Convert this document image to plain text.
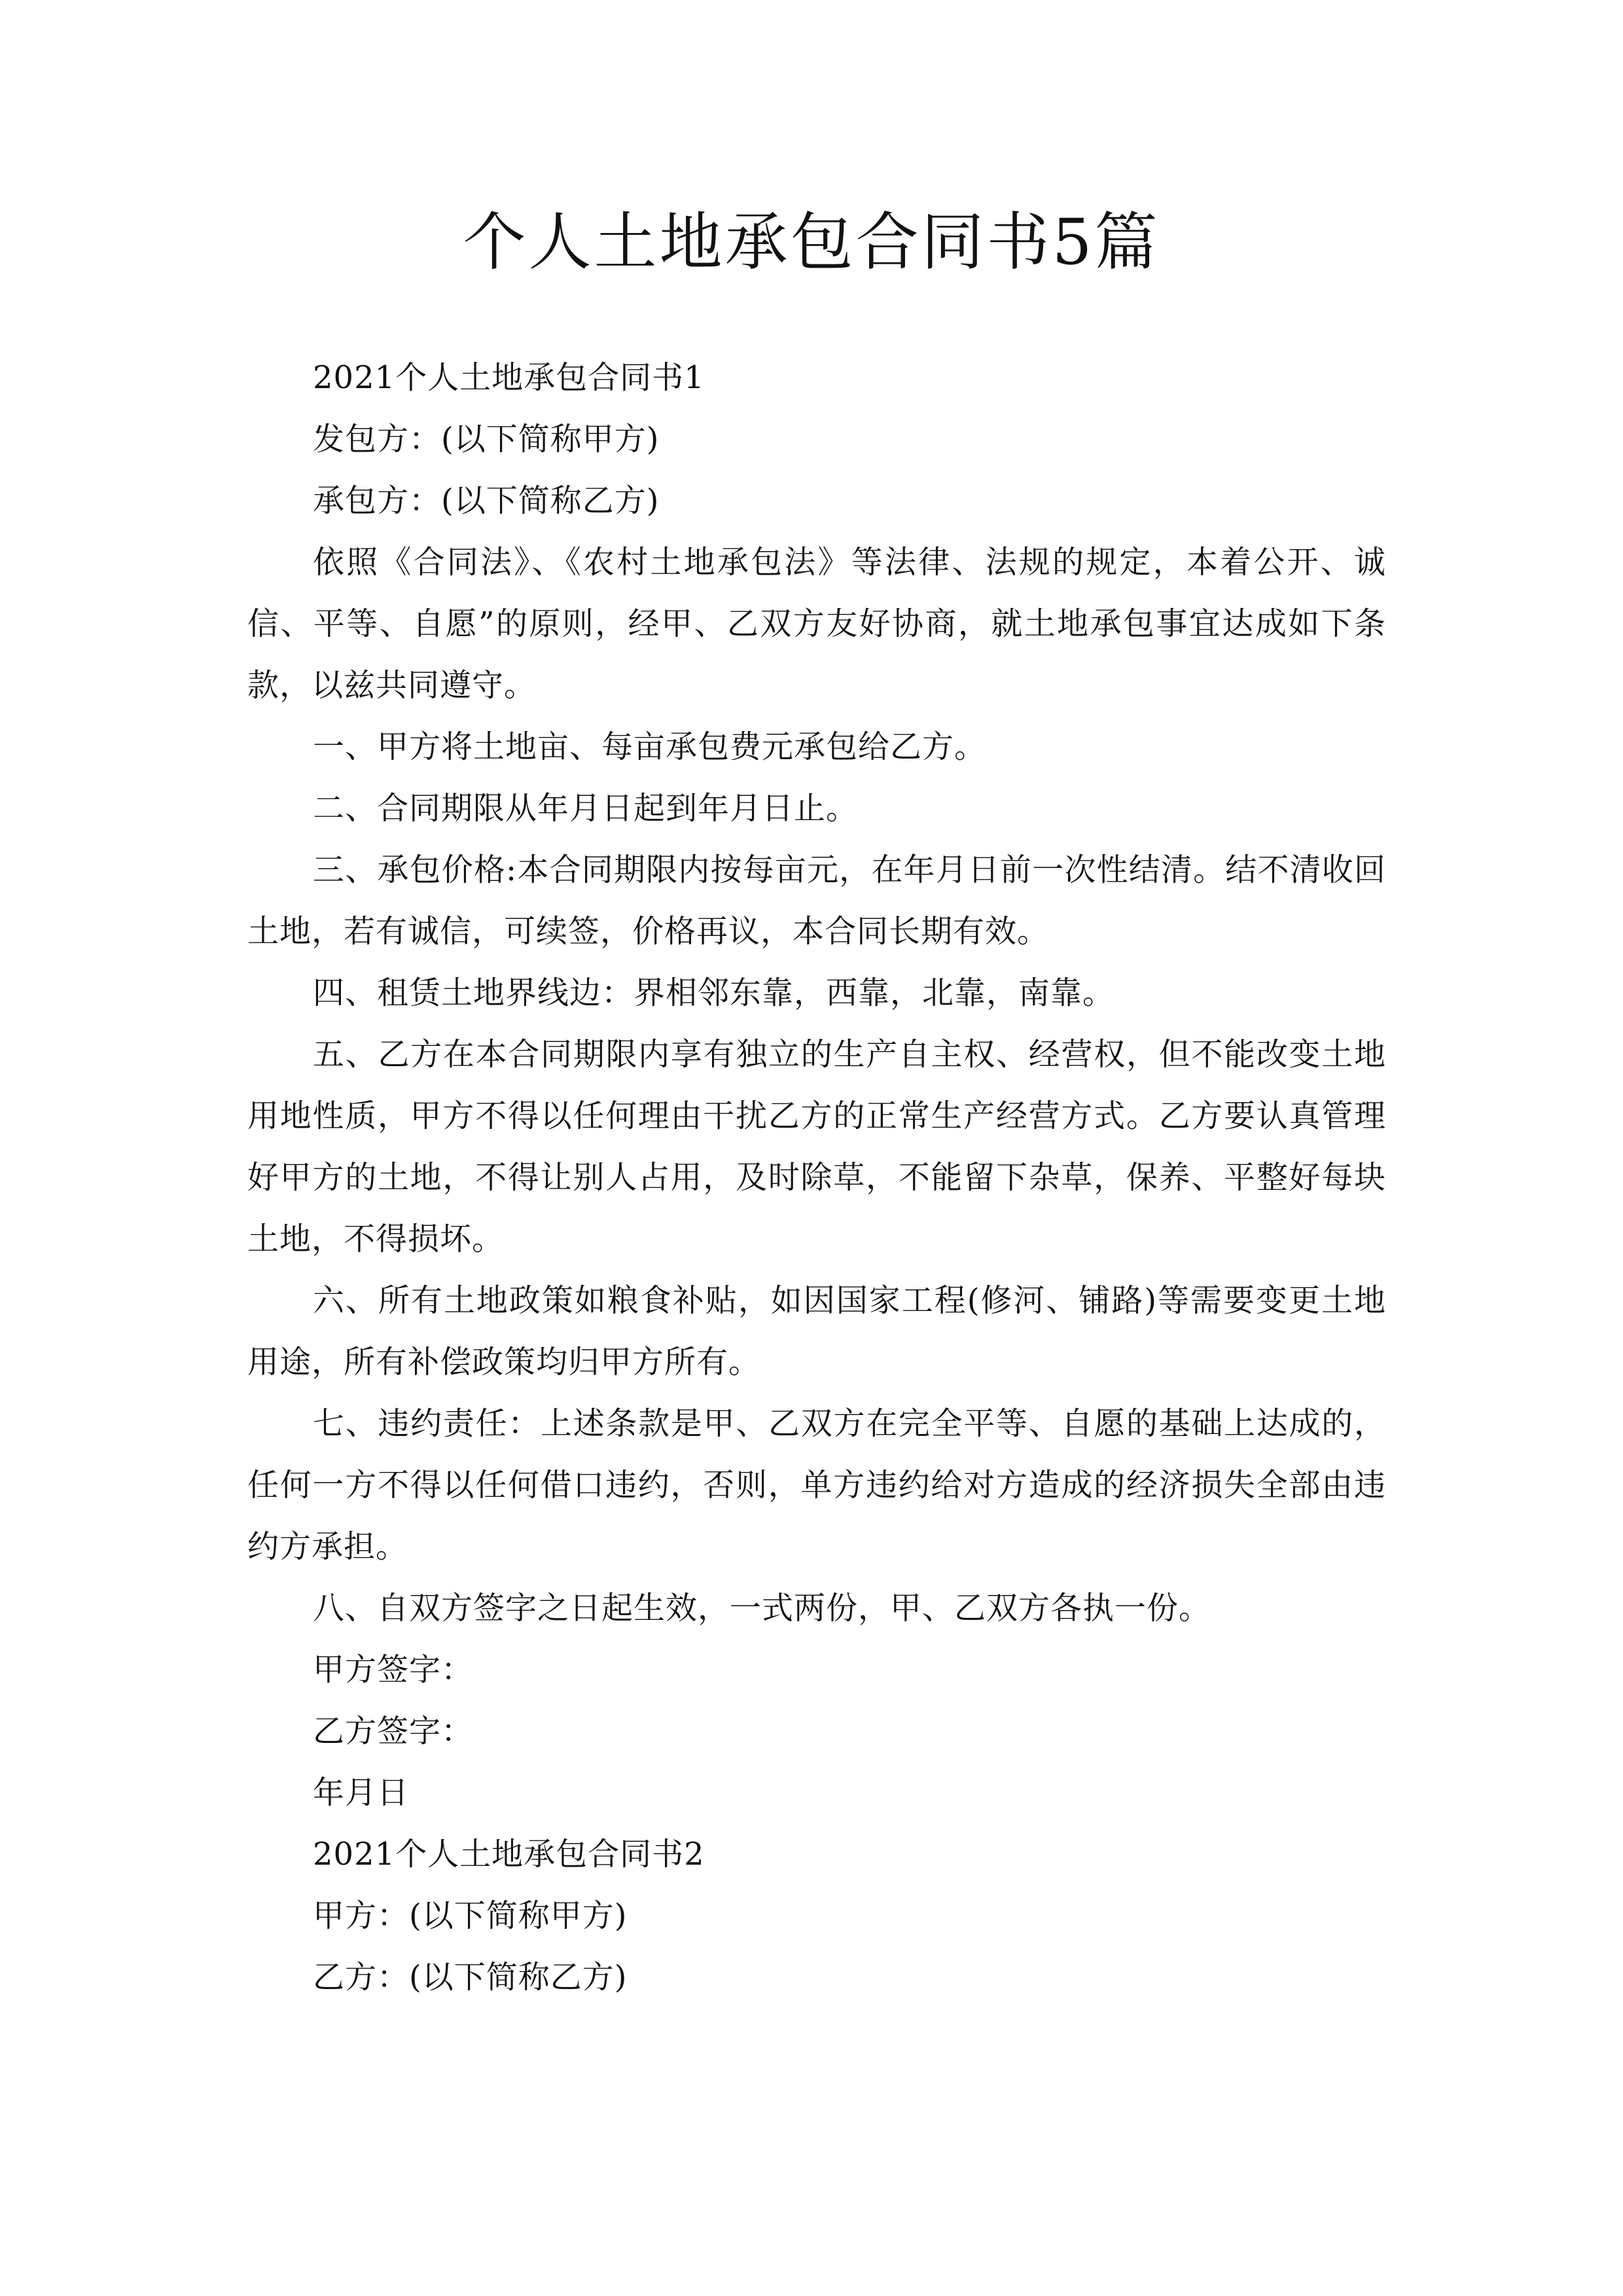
个人土地承包合同书5篇

2021个人土地承包合同书1

发包方：(以下简称甲方)

承包方：(以下简称乙方)

依照《合同法》、《农村土地承包法》等法律、法规的规定，本着公开、诚信、平等、自愿”的原则，经甲、乙双方友好协商，就土地承包事宜达成如下条款，以兹共同遵守。

一、甲方将土地亩、每亩承包费元承包给乙方。

二、合同期限从年月日起到年月日止。

三、承包价格:本合同期限内按每亩元，在年月日前一次性结清。结不清收回土地，若有诚信，可续签，价格再议，本合同长期有效。

四、租赁土地界线边：界相邻东靠，西靠，北靠，南靠。

五、乙方在本合同期限内享有独立的生产自主权、经营权，但不能改变土地用地性质，甲方不得以任何理由干扰乙方的正常生产经营方式。乙方要认真管理好甲方的土地，不得让别人占用，及时除草，不能留下杂草，保养、平整好每块土地，不得损坏。

六、所有土地政策如粮食补贴，如因国家工程(修河、铺路)等需要变更土地用途，所有补偿政策均归甲方所有。

七、违约责任：上述条款是甲、乙双方在完全平等、自愿的基础上达成的，任何一方不得以任何借口违约，否则，单方违约给对方造成的经济损失全部由违约方承担。

八、自双方签字之日起生效，一式两份，甲、乙双方各执一份。

甲方签字：

乙方签字：

年月日

2021个人土地承包合同书2

甲方：(以下简称甲方)

乙方：(以下简称乙方)
